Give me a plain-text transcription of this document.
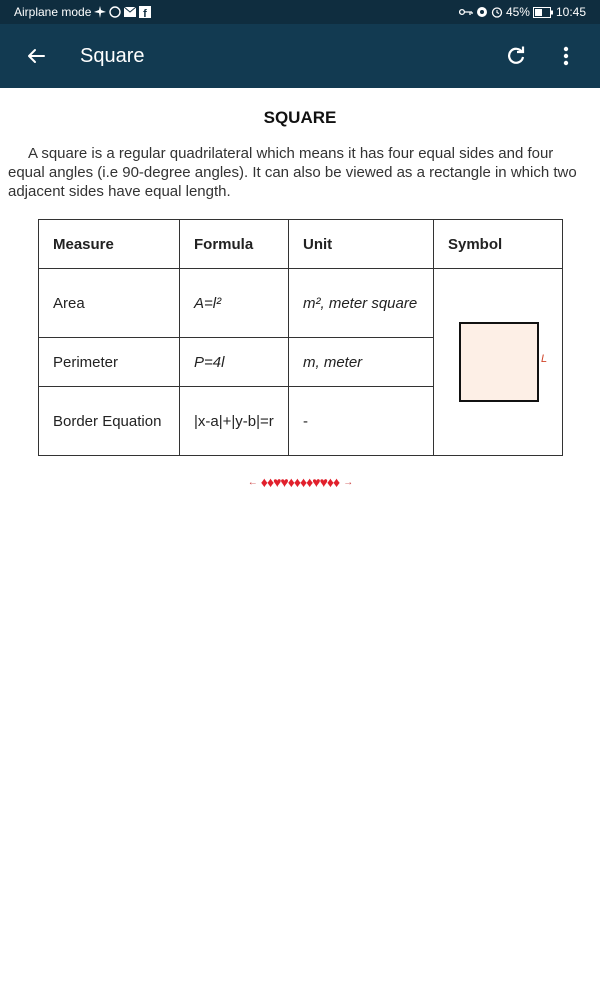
Airplane mode	f	45% 10:45
Square
SQUARE

A square is a regular quadrilateral which means it has four equal sides and four equal angles (i.e 90-degree angles). It can also be viewed as a rectangle in which two adjacent sides have equal length.

Measure	Formula	Unit	Symbol
Area	A=l²	m², meter square	L

Perimeter	P=4l	m, meter	
Border Equation	|x-a|+|y-b|=r	-	
← ♦♦♥♥♦♦♦♦♥♥♦♦ →
